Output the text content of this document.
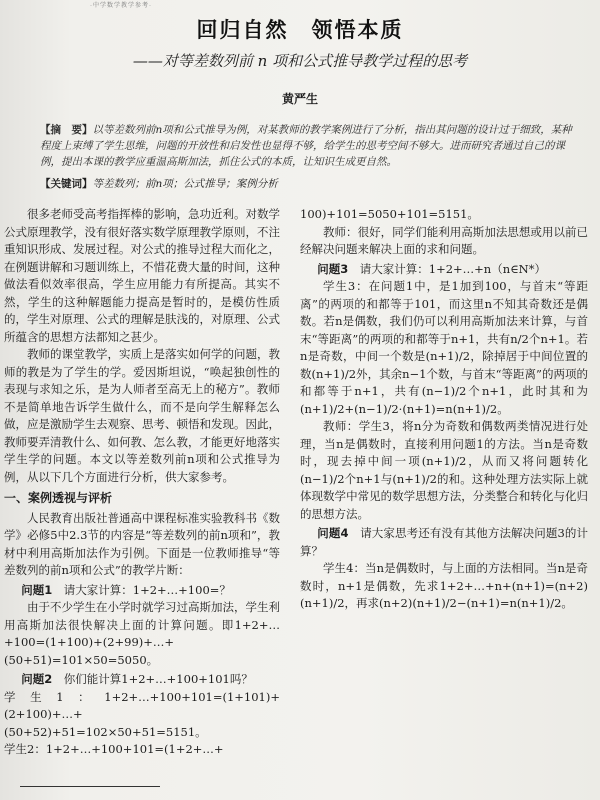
·中学数学教学参考·
回归自然　领悟本质
——对等差数列前 n 项和公式推导教学过程的思考
黄严生
【摘　要】以等差数列前n项和公式推导为例，对某教师的教学案例进行了分析，指出其问题的设计过于细致，某种程度上束缚了学生思维，问题的开放性和启发性也显得不够，给学生的思考空间不够大。进而研究者通过自己的课例，提出本课的教学应重温高斯加法，抓住公式的本质，让知识生成更自然。
【关键词】等差数列；前n项；公式推导；案例分析

很多老师受高考指挥棒的影响，急功近利。对数学公式原理教学，没有很好落实数学原理教学原则，不注重知识形成、发展过程。对公式的推导过程大而化之，在例题讲解和习题训练上，不惜花费大量的时间，这种做法看似效率很高，学生应用能力有所提高。其实不然，学生的这种解题能力提高是暂时的，是模仿性质的，学生对原理、公式的理解是肤浅的，对原理、公式所蕴含的思想方法都知之甚少。

教师的课堂教学，实质上是落实如何学的问题，教师的教是为了学生的学。爱因斯坦说，“唤起独创性的表现与求知之乐，是为人师者至高无上的秘方”。教师不是简单地告诉学生做什么，而不是向学生解释怎么做，应是激励学生去观察、思考、顿悟和发现。因此，教师要弄清教什么、如何教、怎么教，才能更好地落实学生学的问题。本文以等差数列前n项和公式推导为例，从以下几个方面进行分析，供大家参考。

一、案例透视与评析

人民教育出版社普通高中课程标准实验教科书《数学》必修5中2.3节的内容是“等差数列的前n项和”，教材中利用高斯加法作为引例。下面是一位教师推导“等差数列的前n项和公式”的教学片断：

问题1　 请大家计算：1+2+…+100=？

由于不少学生在小学时就学习过高斯加法，学生利用高斯加法很快解决上面的计算问题。即1+2+…+100=(1+100)+(2+99)+…+(50+51)=101×50=5050。

问题2　 你们能计算1+2+…+100+101吗？

学生1：1+2+…+100+101=(1+101)+(2+100)+…+(50+52)+51=102×50+51=5151。

学生2：1+2+…+100+101=(1+2+…+

100)+101=5050+101=5151。

教师：很好，同学们能利用高斯加法思想或用以前已经解决问题来解决上面的求和问题。

问题3　 请大家计算：1+2+…+n（n∈N*）

学生3：在问题1中，是1加到100，与首末“等距离”的两项的和都等于101，而这里n不知其奇数还是偶数。若n是偶数，我们仍可以利用高斯加法来计算，与首末“等距离”的两项的和都等于n+1，共有n/2个n+1。若n是奇数，中间一个数是(n+1)/2，除掉居于中间位置的数(n+1)/2外，其余n−1个数，与首末“等距离”的两项的和都等于n+1，共有(n−1)/2个n+1，此时其和为(n+1)/2+(n−1)/2·(n+1)=n(n+1)/2。

教师：学生3，将n分为奇数和偶数两类情况进行处理，当n是偶数时，直接利用问题1的方法。当n是奇数时，现去掉中间一项(n+1)/2，从而又将问题转化(n−1)/2个n+1与(n+1)/2的和。这种处理方法实际上就体现数学中常见的数学思想方法，分类整合和转化与化归的思想方法。

问题4　 请大家思考还有没有其他方法解决问题3的计算？

学生4：当n是偶数时，与上面的方法相同。当n是奇数时，n+1是偶数，先求1+2+…+n+(n+1)=(n+2)(n+1)/2，再求(n+2)(n+1)/2−(n+1)=n(n+1)/2。
